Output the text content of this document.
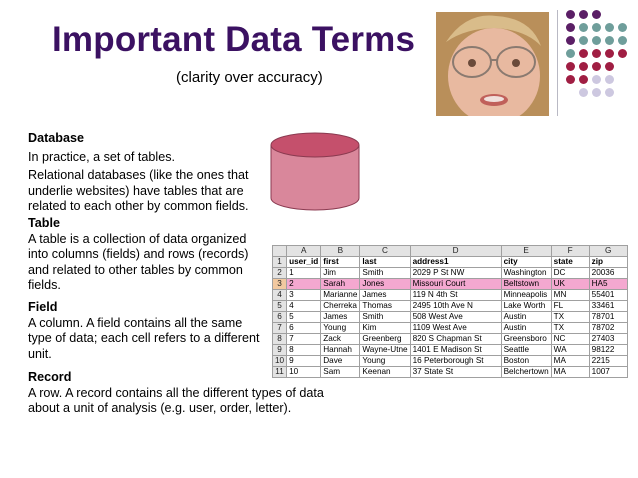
Important Data Terms
(clarity over accuracy)
Database
In practice, a set of tables.
Relational databases (like the ones that
underlie websites) have tables that are
related to each other by common fields.
Table
A table is a collection of data organized
into columns (fields) and rows (records)
and related to other tables by common
fields.
Field
A column. A field contains all the same
type of data; each cell refers to a different
unit.
Record
A row. A record contains all the different types of data
about a unit of analysis (e.g. user, order, letter).
	A	B	C	D	E	F	G
1	user_id	first	last	address1	city	state	zip
2	1	Jim	Smith	2029 P St NW	Washington	DC	20036
3	2	Sarah	Jones	Missouri Court	Beltstown	UK	HA5
4	3	Marianne	James	119 N 4th St	Minneapolis	MN	55401
5	4	Cherreka	Thomas	2495 10th Ave N	Lake Worth	FL	33461
6	5	James	Smith	508 West Ave	Austin	TX	78701
7	6	Young	Kim	1109 West Ave	Austin	TX	78702
8	7	Zack	Greenberg	820 S Chapman St	Greensboro	NC	27403
9	8	Hannah	Wayne-Utne	1401 E Madison St	Seattle	WA	98122
10	9	Dave	Young	16 Peterborough St	Boston	MA	2215
11	10	Sam	Keenan	37 State St	Belchertown	MA	1007
